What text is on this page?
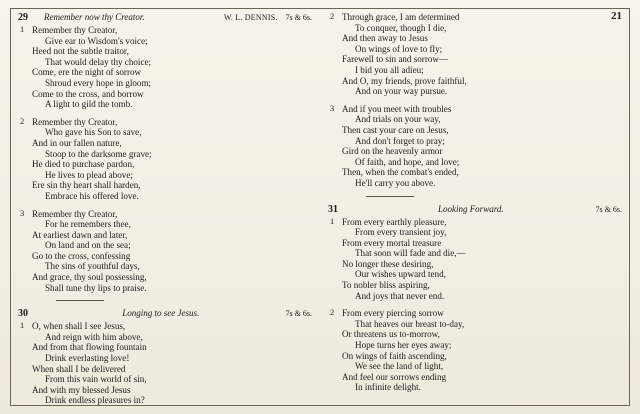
21
29	Remember now thy Creator.	W. L. DENNIS.	7s & 6s.
1 Remember thy Creator,
Give ear to Wisdom's voice;
Heed not the subtle traitor,
That would delay thy choice;
Come, ere the night of sorrow
Shroud every hope in gloom;
Come to the cross, and borrow
A light to gild the tomb.
2 Remember thy Creator,
Who gave his Son to save,
And in our fallen nature,
Stoop to the darksome grave;
He died to purchase pardon,
He lives to plead above;
Ere sin thy heart shall harden,
Embrace his offered love.
3 Remember thy Creator,
For he remembers thee,
At earliest dawn and later,
On land and on the sea;
Go to the cross, confessing
The sins of youthful days,
And grace, thy soul possessing,
Shall tune thy lips to praise.
30	Longing to see Jesus.	7s & 6s.
1 O, when shall I see Jesus,
And reign with him above,
And from that flowing fountain
Drink everlasting love!
When shall I be delivered
From this vain world of sin,
And with my blessed Jesus
Drink endless pleasures in?
2 Through grace, I am determined
To conquer, though I die,
And then away to Jesus
On wings of love to fly;
Farewell to sin and sorrow—
I bid you all adieu;
And O, my friends, prove faithful,
And on your way pursue.
3 And if you meet with troubles
And trials on your way,
Then cast your care on Jesus,
And don't forget to pray;
Gird on the heavenly armor
Of faith, and hope, and love;
Then, when the combat's ended,
He'll carry you above.
31	Looking Forward.	7s & 6s.
1 From every earthly pleasure,
From every transient joy,
From every mortal treasure
That soon will fade and die,—
No longer these desiring,
Our wishes upward tend,
To nobler bliss aspiring,
And joys that never end.
2 From every piercing sorrow
That heaves our breast to-day,
Or threatens us to-morrow,
Hope turns her eyes away;
On wings of faith ascending,
We see the land of light,
And feel our sorrows ending
In infinite delight.
